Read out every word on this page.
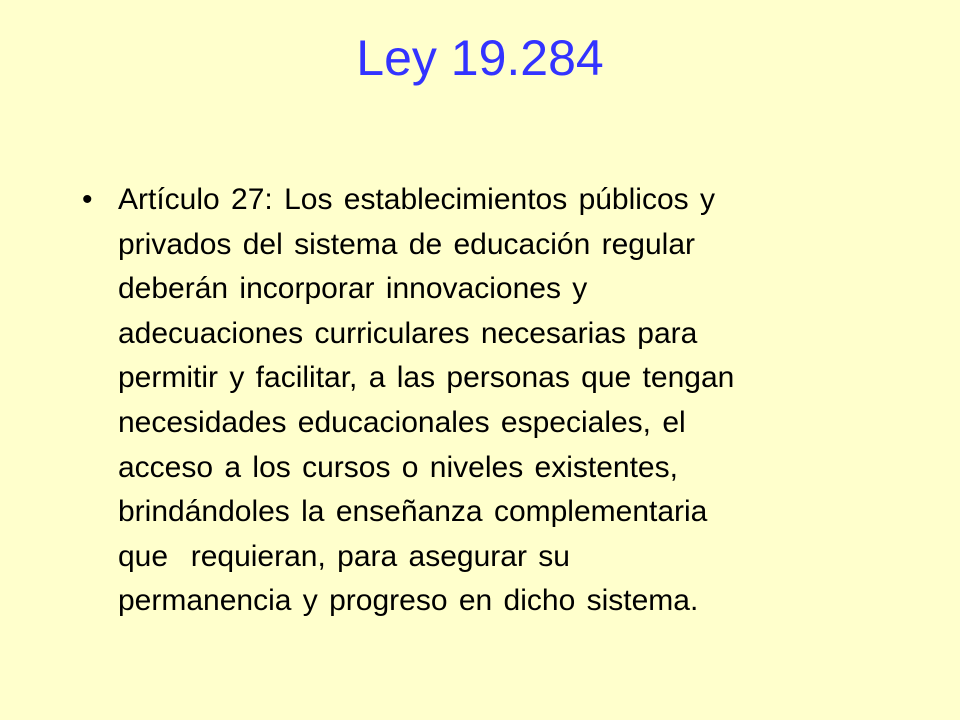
Ley 19.284
• Artículo 27: Los establecimientos públicos y
privados del sistema de educación regular
deberán incorporar innovaciones y
adecuaciones curriculares necesarias para
permitir y facilitar, a las personas que tengan
necesidades educacionales especiales, el
acceso a los cursos o niveles existentes,
brindándoles la enseñanza complementaria
que  requieran, para asegurar su
permanencia y progreso en dicho sistema.
